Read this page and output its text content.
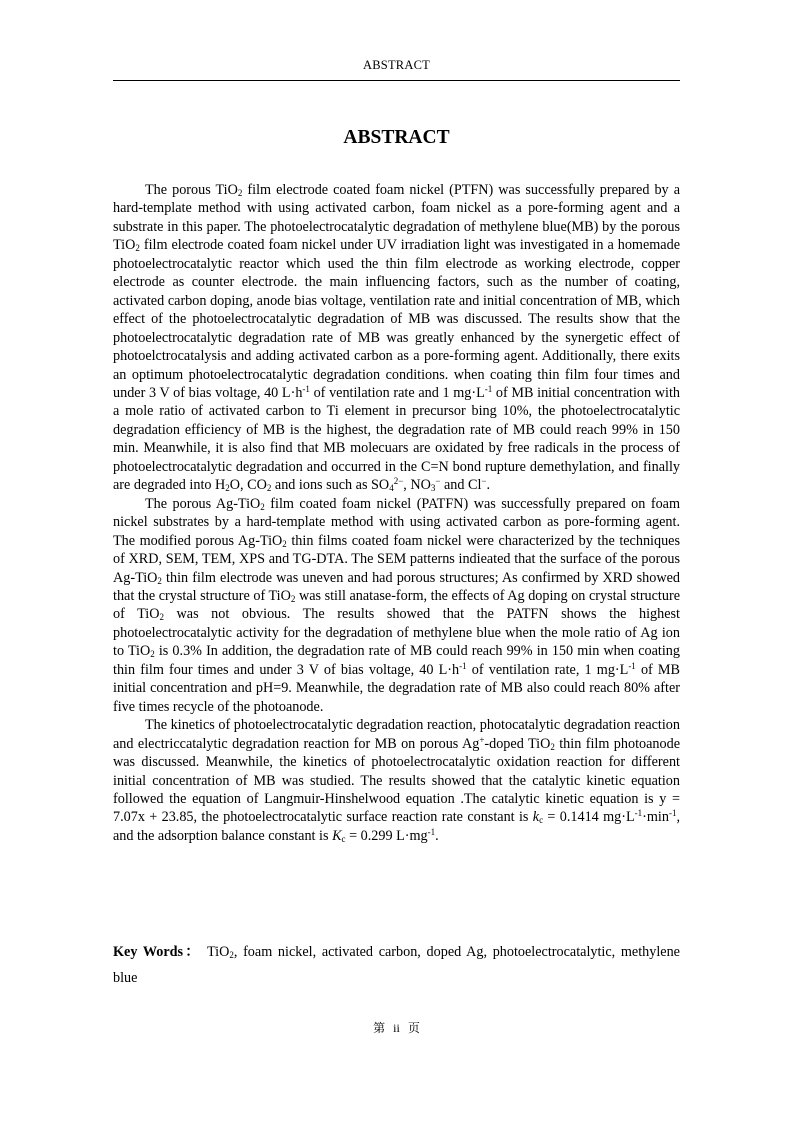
ABSTRACT
ABSTRACT

The porous TiO$_2$ film electrode coated foam nickel (PTFN) was successfully prepared by a hard-template method with using activated carbon, foam nickel as a pore-forming agent and a substrate in this paper. The photoelectrocatalytic degradation of methylene blue(MB) by the porous TiO$_2$ film electrode coated foam nickel under UV irradiation light was investigated in a homemade photoelectrocatalytic reactor which used the thin film electrode as working electrode, copper electrode as counter electrode. the main influencing factors, such as the number of coating, activated carbon doping, anode bias voltage, ventilation rate and initial concentration of MB, which effect of the photoelectrocatalytic degradation of MB was discussed. The results show that the photoelectrocatalytic degradation rate of MB was greatly enhanced by the synergetic effect of photoelctrocatalysis and adding activated carbon as a pore-forming agent. Additionally, there exits an optimum photoelectrocatalytic degradation conditions. when coating thin film four times and under 3 V of bias voltage, 40 $L\cdot h^{-1}$ of ventilation rate and 1 $mg\cdot L^{-1}$ of MB initial concentration with a mole ratio of activated carbon to Ti element in precursor bing 10%, the photoelectrocatalytic degradation efficiency of MB is the highest, the degradation rate of MB could reach 99% in 150 min. Meanwhile, it is also find that MB molecuars are oxidated by free radicals in the process of photoelectrocatalytic degradation and occurred in the C=N bond rupture demethylation, and finally are degraded into $H_2O$, $CO_2$ and ions such as $SO_4^{2-}$, $NO_3^-$ and Cl−.

The porous Ag-TiO$_2$ film coated foam nickel (PATFN) was successfully prepared on foam nickel substrates by a hard-template method with using activated carbon as pore-forming agent. The modified porous Ag-TiO$_2$ thin films coated foam nickel were characterized by the techniques of XRD, SEM, TEM, XPS and TG-DTA. The SEM patterns indieated that the surface of the porous Ag-TiO$_2$ thin film electrode was uneven and had porous structures; As confirmed by XRD showed that the crystal structure of TiO$_2$ was still anatase-form, the effects of Ag doping on crystal structure of TiO$_2$ was not obvious. The results showed that the PATFN shows the highest photoelectrocatalytic activity for the degradation of methylene blue when the mole ratio of Ag ion to TiO$_2$ is 0.3% In addition, the degradation rate of MB could reach 99% in 150 min when coating thin film four times and under 3 V of bias voltage, 40 $L\cdot h^{-1}$ of ventilation rate, 1 $mg\cdot L^{-1}$ of MB initial concentration and pH=9. Meanwhile, the degradation rate of MB also could reach 80% after five times recycle of the photoanode.

The kinetics of photoelectrocatalytic degradation reaction, photocatalytic degradation reaction and electriccatalytic degradation reaction for MB on porous Ag+-doped TiO$_2$ thin film photoanode was discussed. Meanwhile, the kinetics of photoelectrocatalytic oxidation reaction for different initial concentration of MB was studied. The results showed that the catalytic kinetic equation followed the equation of Langmuir-Hinshelwood equation .The catalytic kinetic equation is y = 7.07x + 23.85, the photoelectrocatalytic surface reaction rate constant is $k_c = 0.1414$ $mg\cdot L^{-1}\cdot\min^{-1}$, and the adsorption balance constant is $K_c = 0.299$ $L\cdot mg^{-1}$.

Key Words： TiO$_2$, foam nickel, activated carbon, doped Ag, photoelectrocatalytic, methylene blue
第 ii 页
